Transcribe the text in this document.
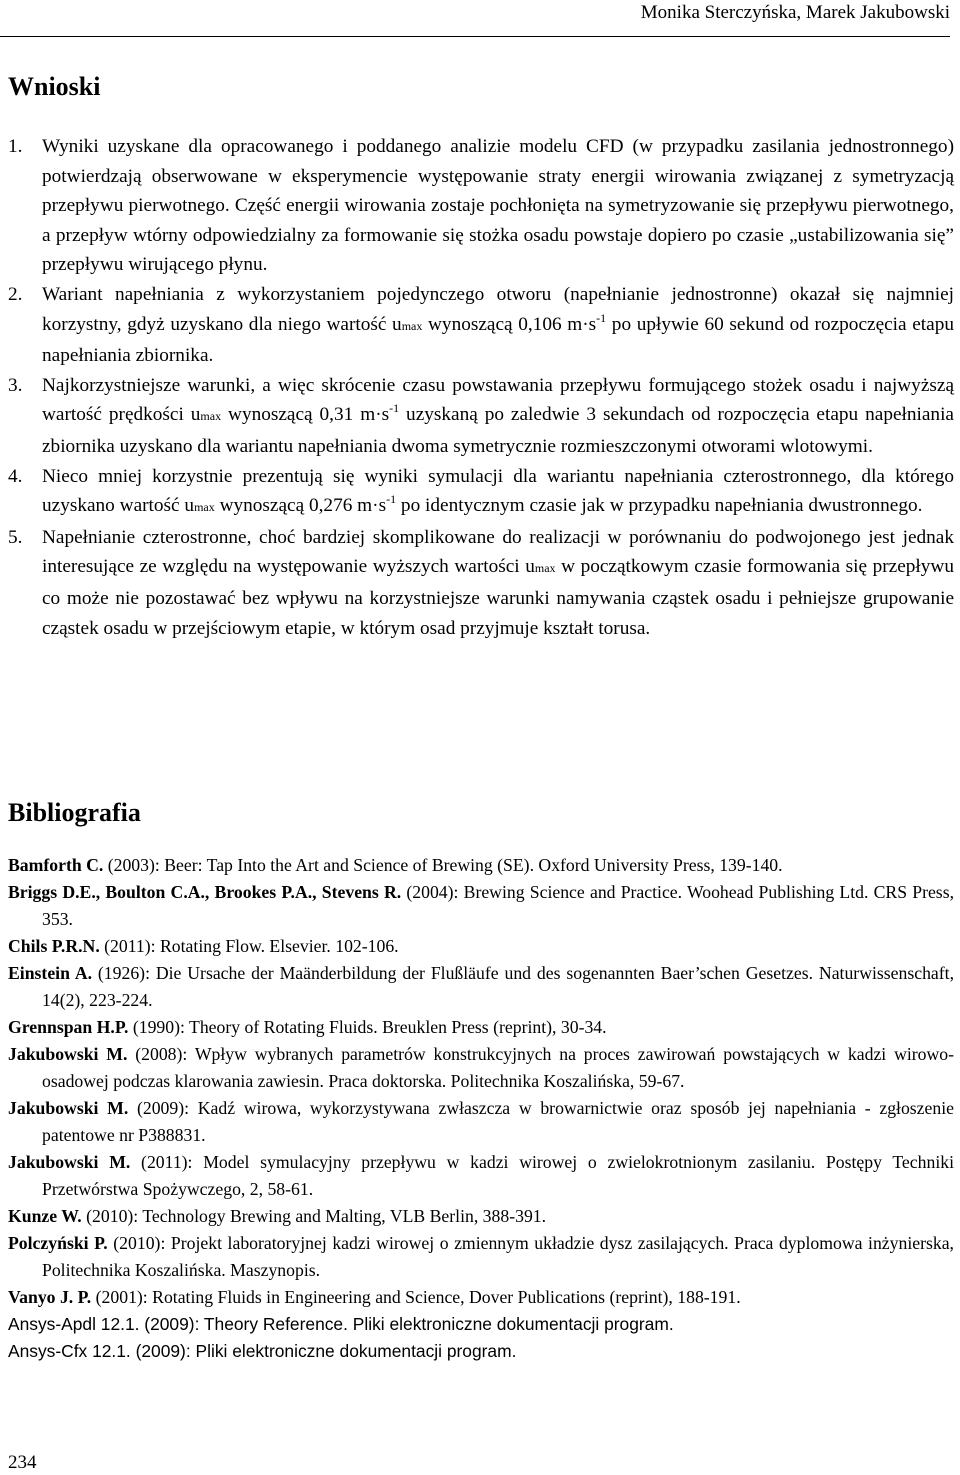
Monika Sterczyńska, Marek Jakubowski
Wnioski
1. Wyniki uzyskane dla opracowanego i poddanego analizie modelu CFD (w przypadku zasilania jednostronnego) potwierdzają obserwowane w eksperymencie występowanie straty energii wirowania związanej z symetryzacją przepływu pierwotnego. Część energii wirowania zostaje pochłonięta na symetryzowanie się przepływu pierwotnego, a przepływ wtórny odpowiedzialny za formowanie się stożka osadu powstaje dopiero po czasie „ustabilizowania się” przepływu wirującego płynu.
2. Wariant napełniania z wykorzystaniem pojedynczego otworu (napełnianie jednostronne) okazał się najmniej korzystny, gdyż uzyskano dla niego wartość umax wynoszącą 0,106 $m\cdot s^{-1}$ po upływie 60 sekund od rozpoczęcia etapu napełniania zbiornika.
3. Najkorzystniejsze warunki, a więc skrócenie czasu powstawania przepływu formującego stożek osadu i najwyższą wartość prędkości umax wynoszącą 0,31 $m\cdot s^{-1}$ uzyskaną po zaledwie 3 sekundach od rozpoczęcia etapu napełniania zbiornika uzyskano dla wariantu napełniania dwoma symetrycznie rozmieszczonymi otworami wlotowymi.
4. Nieco mniej korzystnie prezentują się wyniki symulacji dla wariantu napełniania czterostronnego, dla którego uzyskano wartość umax wynoszącą 0,276 $m\cdot s^{-1}$ po identycznym czasie jak w przypadku napełniania dwustronnego.
5. Napełnianie czterostronne, choć bardziej skomplikowane do realizacji w porównaniu do podwojonego jest jednak interesujące ze względu na występowanie wyższych wartości umax w początkowym czasie formowania się przepływu co może nie pozostawać bez wpływu na korzystniejsze warunki namywania cząstek osadu i pełniejsze grupowanie cząstek osadu w przejściowym etapie, w którym osad przyjmuje kształt torusa.
Bibliografia
Bamforth C. (2003): Beer: Tap Into the Art and Science of Brewing (SE). Oxford University Press, 139-140.
Briggs D.E., Boulton C.A., Brookes P.A., Stevens R. (2004): Brewing Science and Practice. Woohead Publishing Ltd. CRS Press, 353.
Chils P.R.N. (2011): Rotating Flow. Elsevier. 102-106.
Einstein A. (1926): Die Ursache der Maänderbildung der Flußläufe und des sogenannten Baer’schen Gesetzes. Naturwissenschaft, 14(2), 223-224.
Grennspan H.P. (1990): Theory of Rotating Fluids. Breuklen Press (reprint), 30-34.
Jakubowski M. (2008): Wpływ wybranych parametrów konstrukcyjnych na proces zawirowań powstających w kadzi wirowo-osadowej podczas klarowania zawiesin. Praca doktorska. Politechnika Koszalińska, 59-67.
Jakubowski M. (2009): Kadź wirowa, wykorzystywana zwłaszcza w browarnictwie oraz sposób jej napełniania - zgłoszenie patentowe nr P388831.
Jakubowski M. (2011): Model symulacyjny przepływu w kadzi wirowej o zwielokrotnionym zasilaniu. Postępy Techniki Przetwórstwa Spożywczego, 2, 58-61.
Kunze W. (2010): Technology Brewing and Malting, VLB Berlin, 388-391.
Polczyński P. (2010): Projekt laboratoryjnej kadzi wirowej o zmiennym układzie dysz zasilających. Praca dyplomowa inżynierska, Politechnika Koszalińska. Maszynopis.
Vanyo J. P. (2001): Rotating Fluids in Engineering and Science, Dover Publications (reprint), 188-191.
Ansys-Apdl 12.1. (2009): Theory Reference. Pliki elektroniczne dokumentacji program.
Ansys-Cfx 12.1. (2009): Pliki elektroniczne dokumentacji program.
234
